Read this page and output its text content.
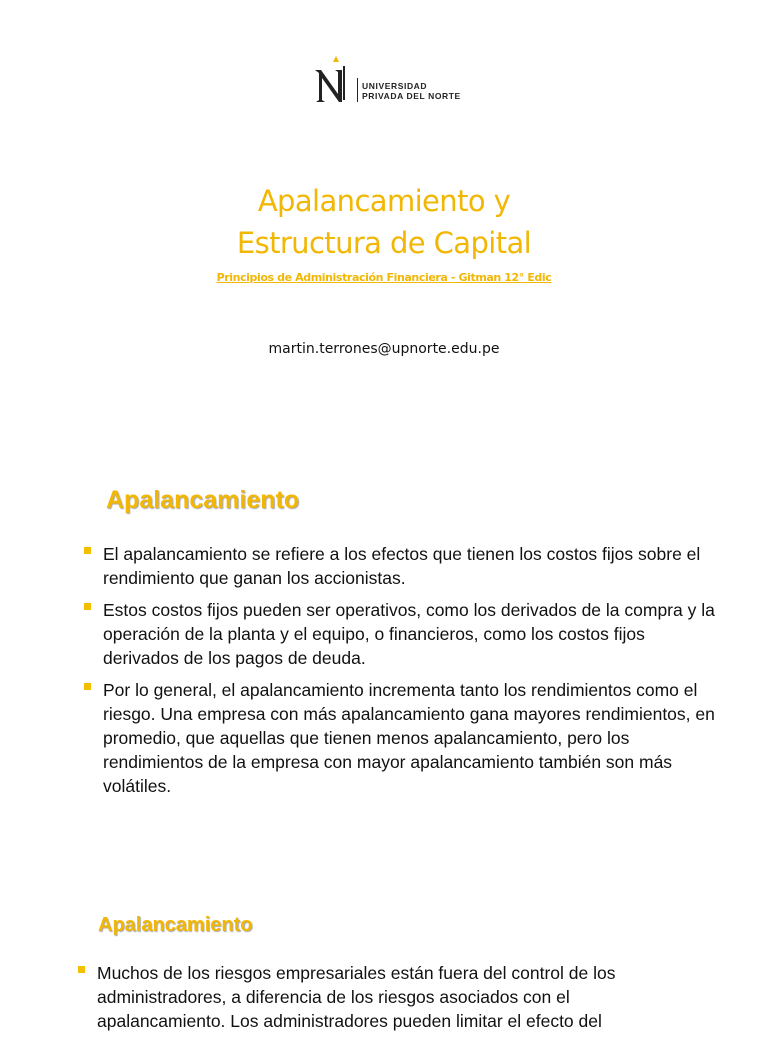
UNIVERSIDAD
PRIVADA DEL NORTE
Apalancamiento y
Estructura de Capital
Principios de Administración Financiera - Gitman 12° Edic
martin.terrones@upnorte.edu.pe
Apalancamiento
El apalancamiento se refiere a los efectos que tienen los costos fijos sobre el rendimiento que ganan los accionistas.
Estos costos fijos pueden ser operativos, como los derivados de la compra y la operación de la planta y el equipo, o financieros, como los costos fijos derivados de los pagos de deuda.
Por lo general, el apalancamiento incrementa tanto los rendimientos como el riesgo. Una empresa con más apalancamiento gana mayores rendimientos, en promedio, que aquellas que tienen menos apalancamiento, pero los rendimientos de la empresa con mayor apalancamiento también son más volátiles.
Apalancamiento
Muchos de los riesgos empresariales están fuera del control de los administradores, a diferencia de los riesgos asociados con el apalancamiento. Los administradores pueden limitar el efecto del
